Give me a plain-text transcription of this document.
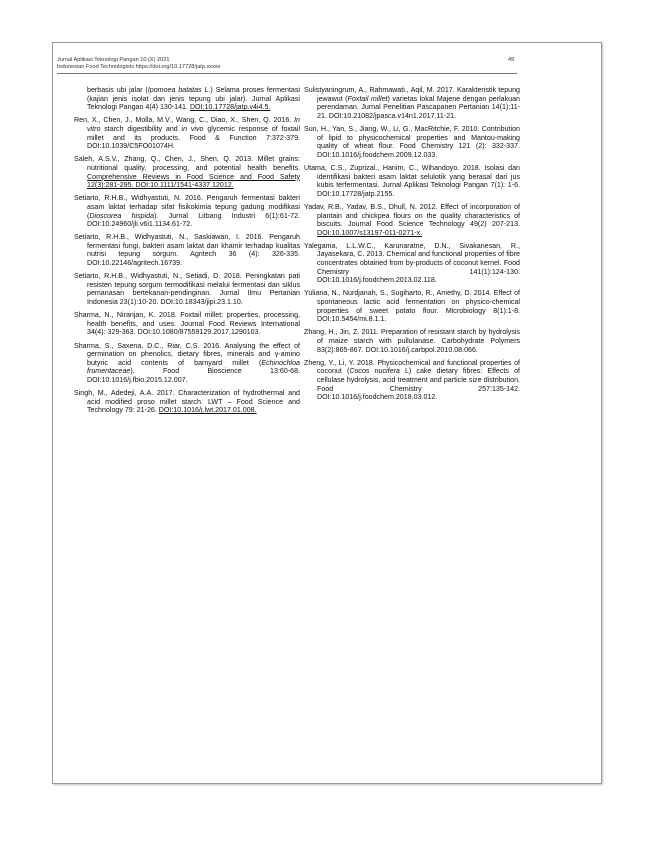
Jurnal Aplikasi Teknologi Pangan 10 (X) 2021
Indonesian Food Technologists https://doi.org/10.17728/jatp.xxxxx
49

berbasis ubi jalar (Ipomoea batatas L.) Selama proses fermentasi (kajian jenis isolat dan jenis tepung ubi jalar). Jurnal Aplikasi Teknologi Pangan 4(4) 130-141. DOI:10.17728/jatp.v4i4.5.

Ren, X., Chen, J., Molla, M.V., Wang, C., Diao, X., Shen, Q. 2016. In vitro starch digestibility and in vivo glycemic response of foxtail millet and its products. Food & Function 7:372-379. DOI:10.1039/C5FO01074H.

Saleh, A.S.V., Zhang, Q., Chen, J., Shen, Q. 2013. Millet grains: nutritional quality, processing, and potential health benefits. Comprehensive Reviews in Food Science and Food Safety 12(3):281-295. DOI:10.1111/1541-4337.12012.

Setiarto, R.H.B., Widhyastuti, N. 2016. Pengaruh fermentasi bakteri asam laktat terhadap sifat fisikokimia tepung gadung modifikasi (Dioscorea hispida). Jurnal Litbang Industri 6(1):61-72. DOI:10.24960/jli.v6i1.1134.61-72.

Setiarto, R.H.B., Widhyastuti, N., Saskiawan, I. 2016. Pengaruh fermentasi fungi, bakteri asam laktat dan khamir terhadap kualitas nutrisi tepung sorgum. Agritech 36 (4): 326-335. DOI:10.22146/agritech.16739.

Setiarto, R.H.B., Widhyastuti, N., Setiadi, D. 2018. Peningkatan pati resisten tepung sorgum termodifikasi melalui fermentasi dan siklus pemanasan bertekanan-pendinginan. Jurnal Ilmu Pertanian Indonesia 23(1):10-20. DOI:10.18343/jipi.23.1.10.

Sharma, N., Niranjan, K. 2018. Foxtail millet: properties, processing, health benefits, and uses. Journal Food Reviews International 34(4): 329-363. DOI:10.1080/87559129.2017.1290103.

Sharma, S., Saxena, D.C., Riar, C.S. 2016. Analysing the effect of germination on phenolics, dietary fibres, minerals and γ-amino butyric acid contents of barnyard millet (Echinochloa frumentaceae). Food Bioscience 13:60-68. DOI:10.1016/j.fbio.2015.12.007.

Singh, M., Adedeji, A.A. 2017. Characterization of hydrothermal and acid modified proso millet starch. LWT – Food Science and Technology 79: 21-26. DOI:10.1016/j.lwt.2017.01.008.

Sulistyaningrum, A., Rahmawati., Aqil, M. 2017. Karakteristik tepung jewawut (Foxtail millet) varietas lokal Majene dengan perlakuan perendaman. Jurnal Penelitian Pascapanen Pertanian 14(1):11-21. DOI:10.21082/jpasca.v14n1.2017.11-21.

Sun, H., Yan, S., Jiang, W., Li, G., MacRitchie, F. 2010. Contribution of lipid to physicochemical properties and Mantou-making quality of wheat flour. Food Chemistry 121 (2): 332-337. DOI:10.1016/j.foodchem.2009.12.033.

Utama, C.S., Zuprizal., Hanim, C., Wihandoyo. 2018. Isolasi dan identifikasi bakteri asam laktat selulotik yang berasal dari jus kubis terfermentasi. Jurnal Aplikasi Teknologi Pangan 7(1): 1-6. DOI:10.17728/jatp.2155.

Yadav, R.B., Yadav, B.S., Dhull, N. 2012. Effect of incorporation of plantain and chickpea flours on the quality characteristics of biscuits. Journal Food Science Technology 49(2) 207-213. DOI:10.1007/s13197-011-0271-x.

Yalegama, L.L.W.C., Karunaratne, D.N., Sivakanesan, R., Jayasekara, C. 2013. Chemical and functional properties of fibre concentrates obtained from by-products of coconut kernel. Food Chemistry 141(1):124-130. DOI:10.1016/j.foodchem.2013.02.118.

Yuliana, N., Nurdjanah, S., Sugiharto, R., Amethy, D. 2014. Effect of spontaneous lactic acid fermentation on physico-chemical properties of sweet potato flour. Microbiology 8(1):1-8. DOI:10.5454/mi.8.1.1.

Zhang, H., Jin, Z. 2011. Preparation of resistant starch by hydrolysis of maize starch with pullulanase. Carbohydrate Polymers 83(2):865-867. DOI:10.1016/j.carbpol.2010.08.066.

Zheng, Y., Li, Y. 2018. Physicochemical and functional properties of coconut (Cocos nucifera L) cake dietary fibres: Effects of cellulase hydrolysis, acid treatment and particle size distribution. Food Chemistry 257:135-142. DOI:10.1016/j.foodchem.2018.03.012.
